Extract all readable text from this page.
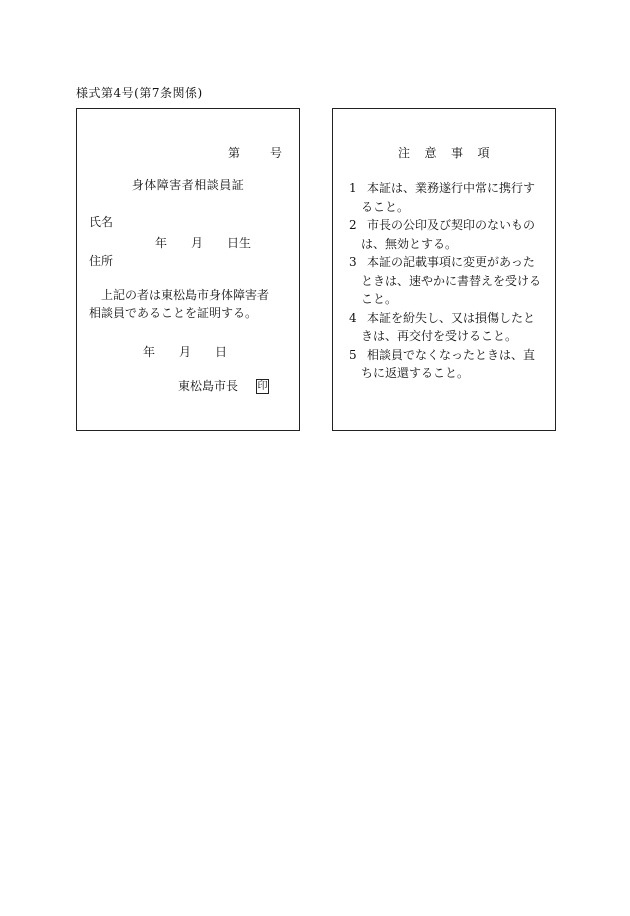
様式第4号(第7条関係)
第	号
身体障害者相談員証
氏名
年 月 日生
住所
上記の者は東松島市身体障害者
相談員であることを証明する。
年 月 日
東松島市長 印
注 意 事 項
1 本証は、業務遂行中常に携行す
ること。
2 市長の公印及び契印のないもの
は、無効とする。
3 本証の記載事項に変更があった
ときは、速やかに書替えを受ける
こと。
4 本証を紛失し、又は損傷したと
きは、再交付を受けること。
5 相談員でなくなったときは、直
ちに返還すること。
